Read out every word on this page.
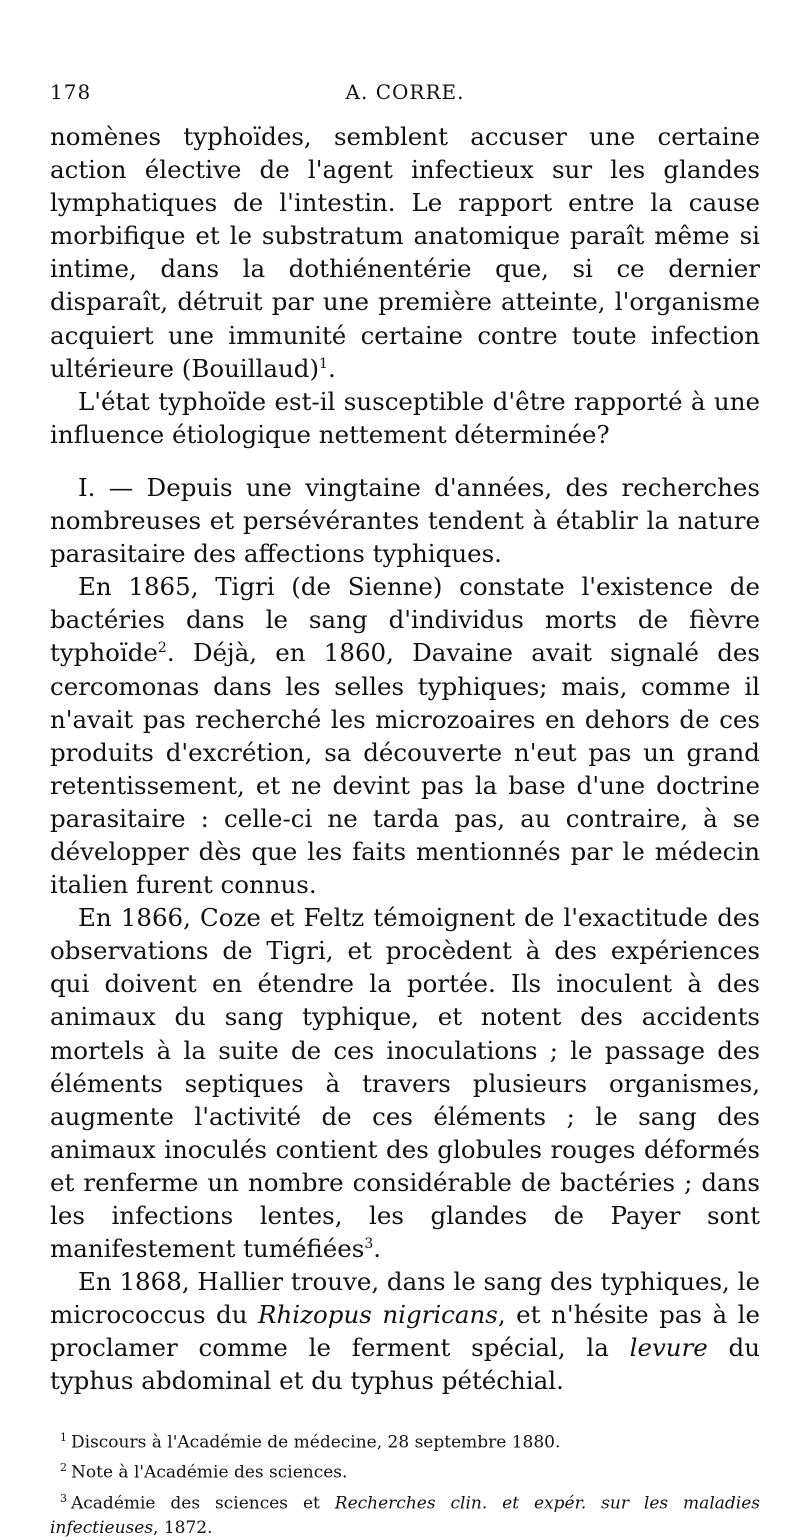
178	A. CORRE.

nomènes typhoïdes, semblent accuser une certaine action élective de l'agent infectieux sur les glandes lymphatiques de l'intestin. Le rapport entre la cause morbifique et le substratum anatomique paraît même si intime, dans la dothiénentérie que, si ce dernier disparaît, détruit par une première atteinte, l'organisme acquiert une immunité certaine contre toute infection ultérieure (Bouillaud)$^1$.

L'état typhoïde est-il susceptible d'être rapporté à une influence étiologique nettement déterminée?

I. — Depuis une vingtaine d'années, des recherches nombreuses et persévérantes tendent à établir la nature parasitaire des affections typhiques.

En 1865, Tigri (de Sienne) constate l'existence de bactéries dans le sang d'individus morts de fièvre typhoïde$^2$. Déjà, en 1860, Davaine avait signalé des cercomonas dans les selles typhiques; mais, comme il n'avait pas recherché les microzoaires en dehors de ces produits d'excrétion, sa découverte n'eut pas un grand retentissement, et ne devint pas la base d'une doctrine parasitaire : celle-ci ne tarda pas, au contraire, à se développer dès que les faits mentionnés par le médecin italien furent connus.

En 1866, Coze et Feltz témoignent de l'exactitude des observations de Tigri, et procèdent à des expériences qui doivent en étendre la portée. Ils inoculent à des animaux du sang typhique, et notent des accidents mortels à la suite de ces inoculations ; le passage des éléments septiques à travers plusieurs organismes, augmente l'activité de ces éléments ; le sang des animaux inoculés contient des globules rouges déformés et renferme un nombre considérable de bactéries ; dans les infections lentes, les glandes de Payer sont manifestement tuméfiées$^3$.

En 1868, Hallier trouve, dans le sang des typhiques, le micrococcus du Rhizopus nigricans, et n'hésite pas à le proclamer comme le ferment spécial, la levure du typhus abdominal et du typhus pétéchial.

$^1$ Discours à l'Académie de médecine, 28 septembre 1880.

$^2$ Note à l'Académie des sciences.

$^3$ Académie des sciences et Recherches clin. et expér. sur les maladies infectieuses, 1872.
